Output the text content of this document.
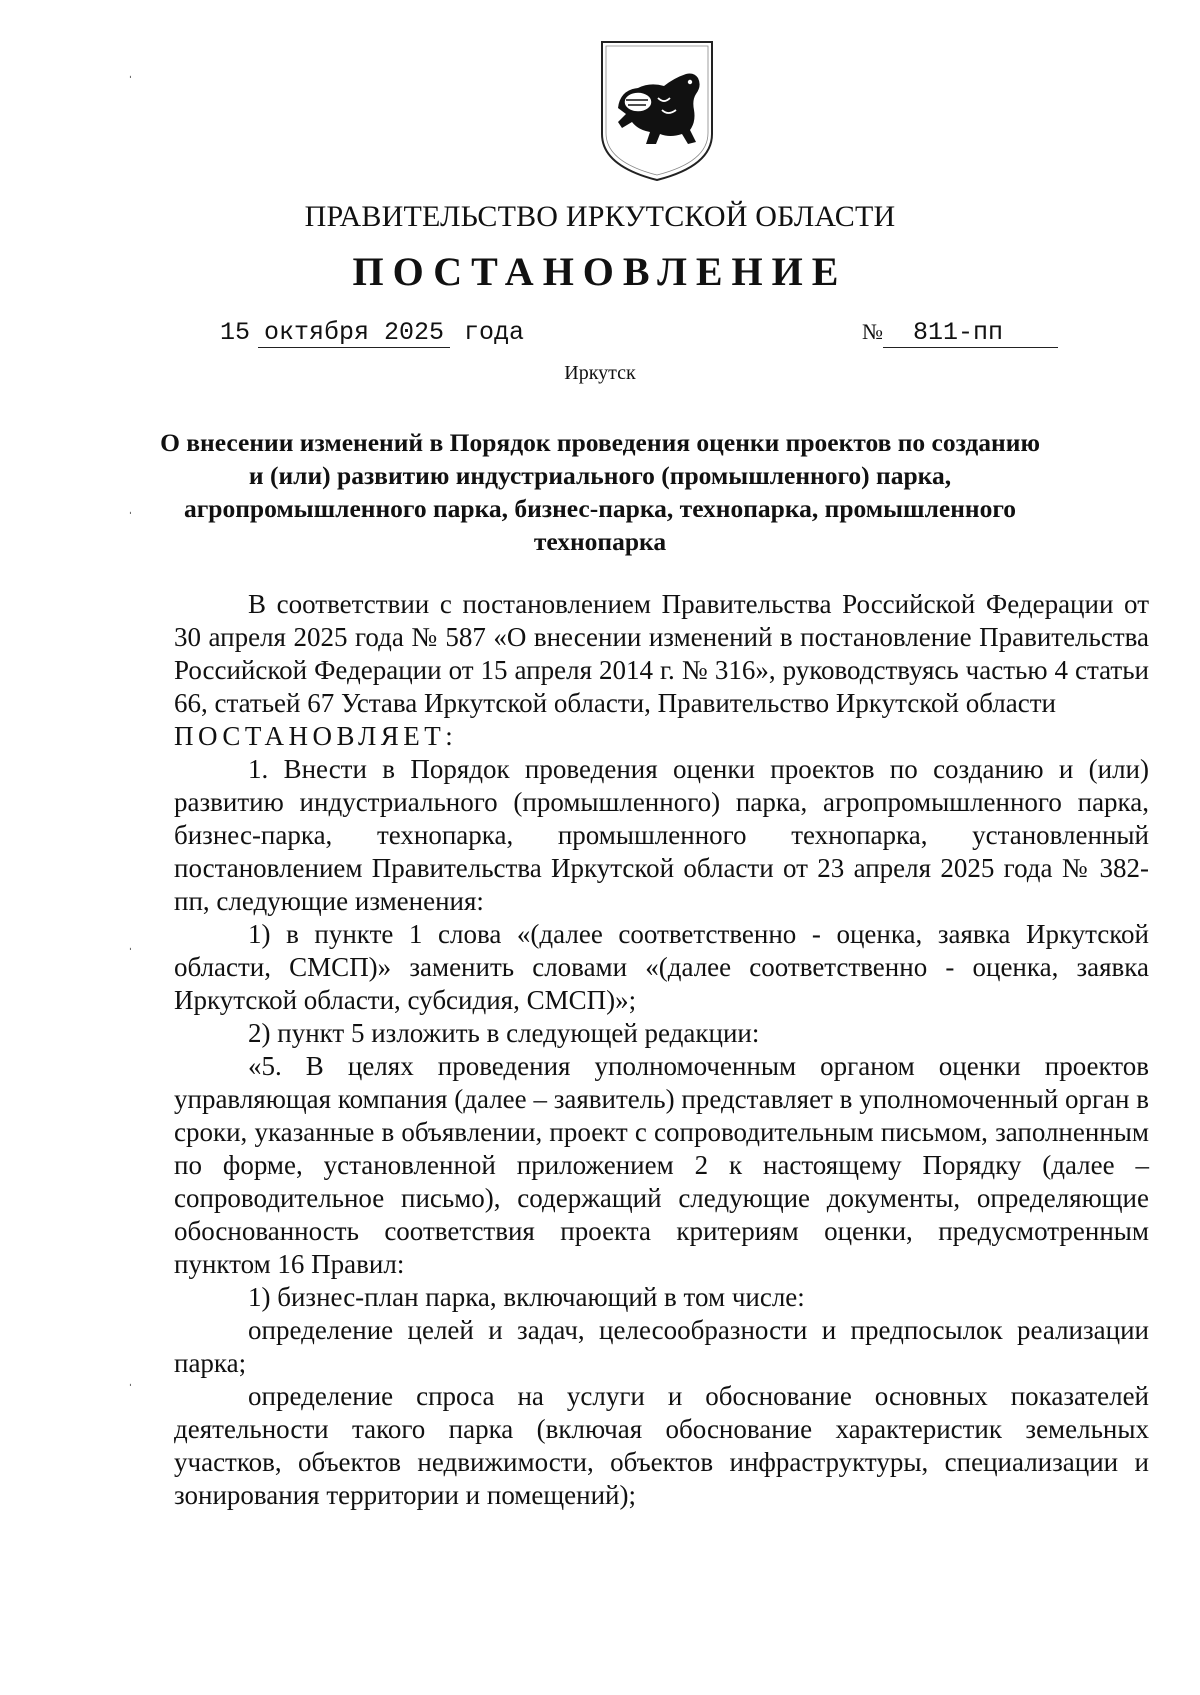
ПРАВИТЕЛЬСТВО ИРКУТСКОЙ ОБЛАСТИ
ПОСТАНОВЛЕНИЕ
15 октября 2025 года	№ 811-пп
Иркутск
О внесении изменений в Порядок проведения оценки проектов по созданию и (или) развитию индустриального (промышленного) парка, агропромышленного парка, бизнес-парка, технопарка, промышленного технопарка

В соответствии с постановлением Правительства Российской Федерации от 30 апреля 2025 года № 587 «О внесении изменений в постановление Правительства Российской Федерации от 15 апреля 2014 г. № 316», руководствуясь частью 4 статьи 66, статьей 67 Устава Иркутской области, Правительство Иркутской области

ПОСТАНОВЛЯЕТ:

1. Внести в Порядок проведения оценки проектов по созданию и (или) развитию индустриального (промышленного) парка, агропромышленного парка, бизнес-парка, технопарка, промышленного технопарка, установленный постановлением Правительства Иркутской области от 23 апреля 2025 года № 382-пп, следующие изменения:

1) в пункте 1 слова «(далее соответственно - оценка, заявка Иркутской области, СМСП)» заменить словами «(далее соответственно - оценка, заявка Иркутской области, субсидия, СМСП)»;

2) пункт 5 изложить в следующей редакции:

«5. В целях проведения уполномоченным органом оценки проектов управляющая компания (далее – заявитель) представляет в уполномоченный орган в сроки, указанные в объявлении, проект с сопроводительным письмом, заполненным по форме, установленной приложением 2 к настоящему Порядку (далее – сопроводительное письмо), содержащий следующие документы, определяющие обоснованность соответствия проекта критериям оценки, предусмотренным пунктом 16 Правил:

1) бизнес-план парка, включающий в том числе:

определение целей и задач, целесообразности и предпосылок реализации парка;

определение спроса на услуги и обоснование основных показателей деятельности такого парка (включая обоснование характеристик земельных участков, объектов недвижимости, объектов инфраструктуры, специализации и зонирования территории и помещений);

ˌ
ˌ
ˌ
ˌ
